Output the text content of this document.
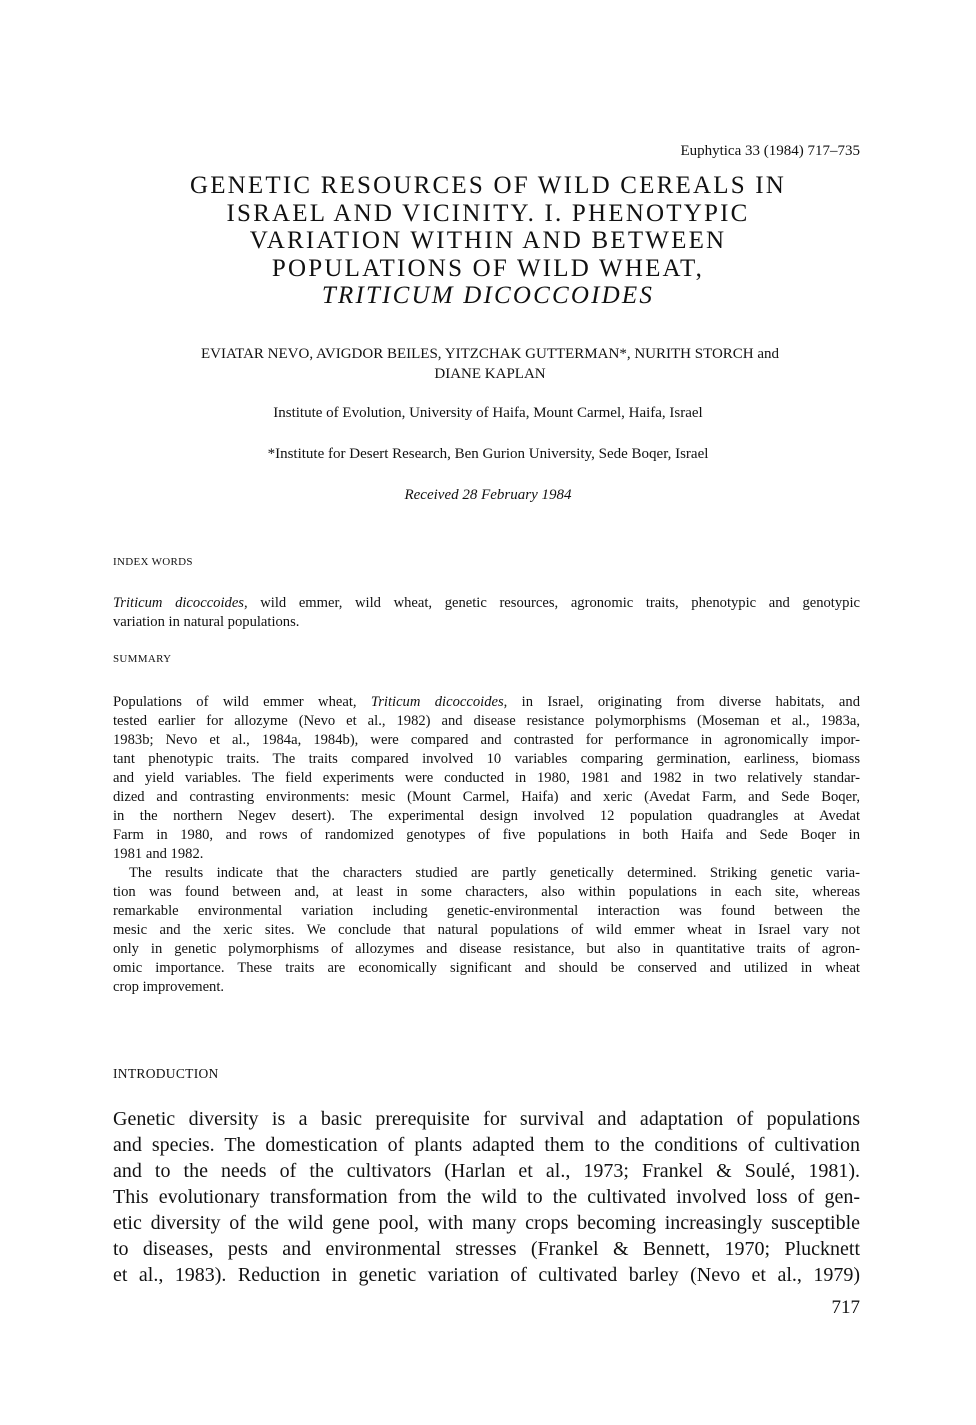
Euphytica 33 (1984) 717–735
GENETIC RESOURCES OF WILD CEREALS IN
ISRAEL AND VICINITY. I. PHENOTYPIC
VARIATION WITHIN AND BETWEEN
POPULATIONS OF WILD WHEAT,
TRITICUM DICOCCOIDES
EVIATAR NEVO, AVIGDOR BEILES, YITZCHAK GUTTERMAN*, NURITH STORCH and
DIANE KAPLAN
Institute of Evolution, University of Haifa, Mount Carmel, Haifa, Israel
*Institute for Desert Research, Ben Gurion University, Sede Boqer, Israel
Received 28 February 1984
INDEX WORDS
Triticum dicoccoides, wild emmer, wild wheat, genetic resources, agronomic traits, phenotypic and genotypic
variation in natural populations.
SUMMARY
Populations of wild emmer wheat, Triticum dicoccoides, in Israel, originating from diverse habitats, and
tested earlier for allozyme (Nevo et al., 1982) and disease resistance polymorphisms (Moseman et al., 1983a,
1983b; Nevo et al., 1984a, 1984b), were compared and contrasted for performance in agronomically impor-
tant phenotypic traits. The traits compared involved 10 variables comparing germination, earliness, biomass
and yield variables. The field experiments were conducted in 1980, 1981 and 1982 in two relatively standar-
dized and contrasting environments: mesic (Mount Carmel, Haifa) and xeric (Avedat Farm, and Sede Boqer,
in the northern Negev desert). The experimental design involved 12 population quadrangles at Avedat
Farm in 1980, and rows of randomized genotypes of five populations in both Haifa and Sede Boqer in
1981 and 1982.
The results indicate that the characters studied are partly genetically determined. Striking genetic varia-
tion was found between and, at least in some characters, also within populations in each site, whereas
remarkable environmental variation including genetic-environmental interaction was found between the
mesic and the xeric sites. We conclude that natural populations of wild emmer wheat in Israel vary not
only in genetic polymorphisms of allozymes and disease resistance, but also in quantitative traits of agron-
omic importance. These traits are economically significant and should be conserved and utilized in wheat
crop improvement.
INTRODUCTION
Genetic diversity is a basic prerequisite for survival and adaptation of populations
and species. The domestication of plants adapted them to the conditions of cultivation
and to the needs of the cultivators (Harlan et al., 1973; Frankel & Soulé, 1981).
This evolutionary transformation from the wild to the cultivated involved loss of gen-
etic diversity of the wild gene pool, with many crops becoming increasingly susceptible
to diseases, pests and environmental stresses (Frankel & Bennett, 1970; Plucknett
et al., 1983). Reduction in genetic variation of cultivated barley (Nevo et al., 1979)
717
